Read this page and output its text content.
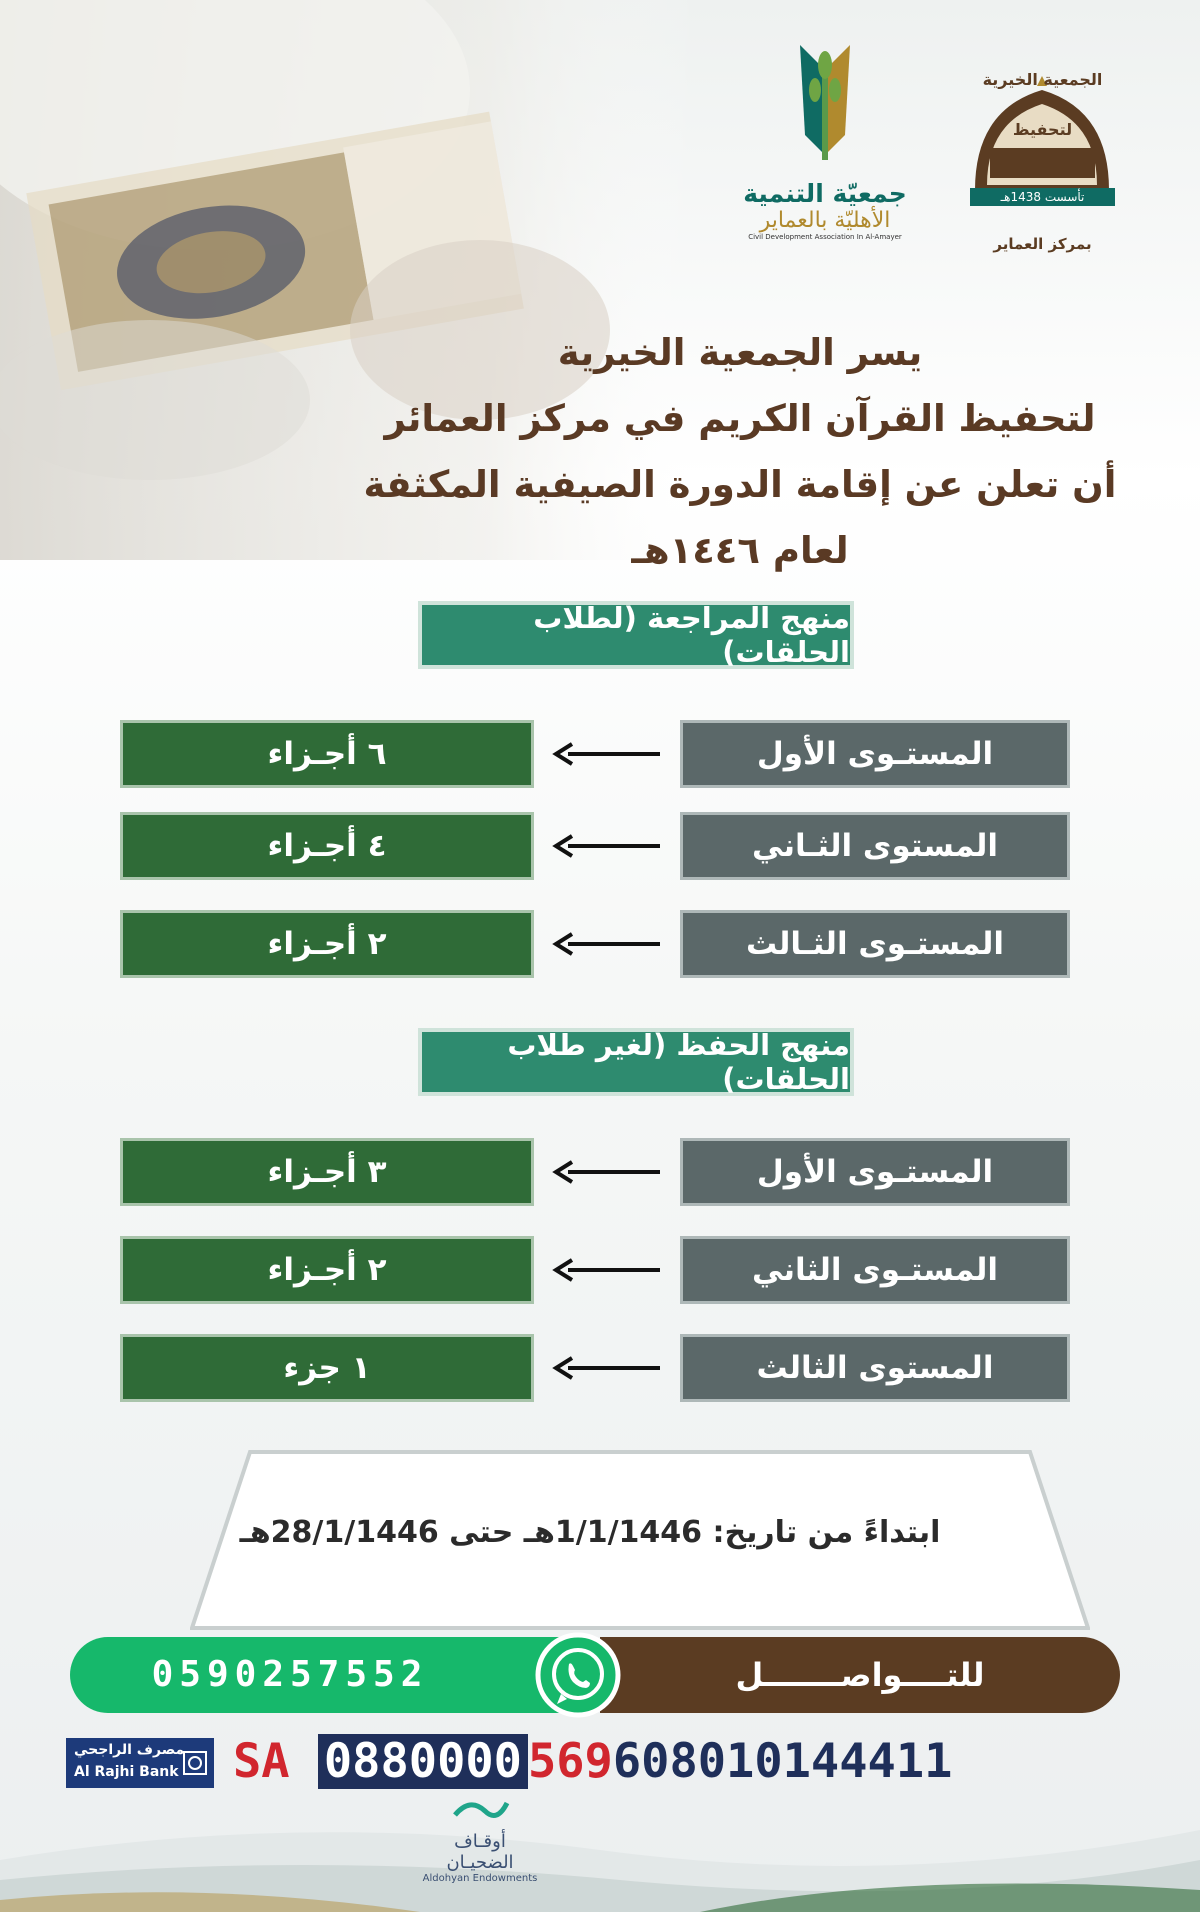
جمعيّة التنمية
الأهليّة بالعماير
Civil Development Association In Al-Amayer
الجمعية الخيرية
لتحفيظ
تأسست 1438هـ
بمركز العماير
يسر الجمعية الخيرية
لتحفيظ القرآن الكريم في مركز العمائر
أن تعلن عن إقامة الدورة الصيفية المكثفة
لعام ١٤٤٦هـ
منهج المراجعة (لطلاب الحلقات)
٦ أجـزاء	المستـوى الأول
٤ أجـزاء	المستوى الثـاني
٢ أجـزاء	المستـوى الثـالث
منهج الحفظ (لغير طلاب الحلقات)
٣ أجـزاء	المستـوى الأول
٢ أجـزاء	المستـوى الثاني
١ جزء	المستوى الثالث
ابتداءً من تاريخ: 1/1/1446هـ حتى 28/1/1446هـ
0590257552	للتــــواصـــــــل
SA 0880000 569608010144411
مصرف الراجحي
Al Rajhi Bank
أوقـاف
الضحيـان
Aldohyan Endowments
